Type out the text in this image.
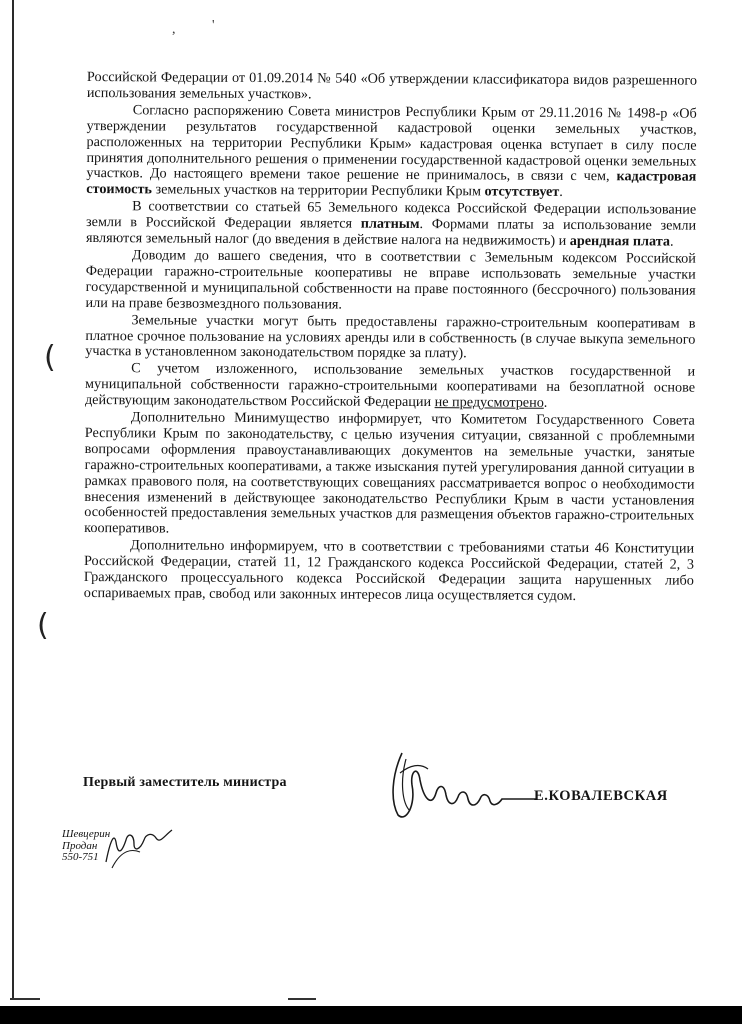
,	'
(
(

Российской Федерации от 01.09.2014 № 540 «Об утверждении классификатора видов разрешенного использования земельных участков».

Согласно распоряжению Совета министров Республики Крым от 29.11.2016 № 1498-р «Об утверждении результатов государственной кадастровой оценки земельных участков, расположенных на территории Республики Крым» кадастровая оценка вступает в силу после принятия дополнительного решения о применении государственной кадастровой оценки земельных участков. До настоящего времени такое решение не принималось, в связи с чем, кадастровая стоимость земельных участков на территории Республики Крым отсутствует.

В соответствии со статьей 65 Земельного кодекса Российской Федерации использование земли в Российской Федерации является платным. Формами платы за использование земли являются земельный налог (до введения в действие налога на недвижимость) и арендная плата.

Доводим до вашего сведения, что в соответствии с Земельным кодексом Российской Федерации гаражно-строительные кооперативы не вправе использовать земельные участки государственной и муниципальной собственности на праве постоянного (бессрочного) пользования или на праве безвозмездного пользования.

Земельные участки могут быть предоставлены гаражно-строительным кооперативам в платное срочное пользование на условиях аренды или в собственность (в случае выкупа земельного участка в установленном законодательством порядке за плату).

С учетом изложенного, использование земельных участков государственной и муниципальной собственности гаражно-строительными кооперативами на безоплатной основе действующим законодательством Российской Федерации не предусмотрено.

Дополнительно Минимущество информирует, что Комитетом Государственного Совета Республики Крым по законодательству, с целью изучения ситуации, связанной с проблемными вопросами оформления правоустанавливающих документов на земельные участки, занятые гаражно-строительных кооперативами, а также изыскания путей урегулирования данной ситуации в рамках правового поля, на соответствующих совещаниях рассматривается вопрос о необходимости внесения изменений в действующее законодательство Республики Крым в части установления особенностей предоставления земельных участков для размещения объектов гаражно-строительных кооперативов.

Дополнительно информируем, что в соответствии с требованиями статьи 46 Конституции Российской Федерации, статей 11, 12 Гражданского кодекса Российской Федерации, статей 2, 3 Гражданского процессуального кодекса Российской Федерации защита нарушенных либо оспариваемых прав, свобод или законных интересов лица осуществляется судом.

Первый заместитель министра
Е.КОВАЛЕВСКАЯ
Шевцерин
Продан
550-751
